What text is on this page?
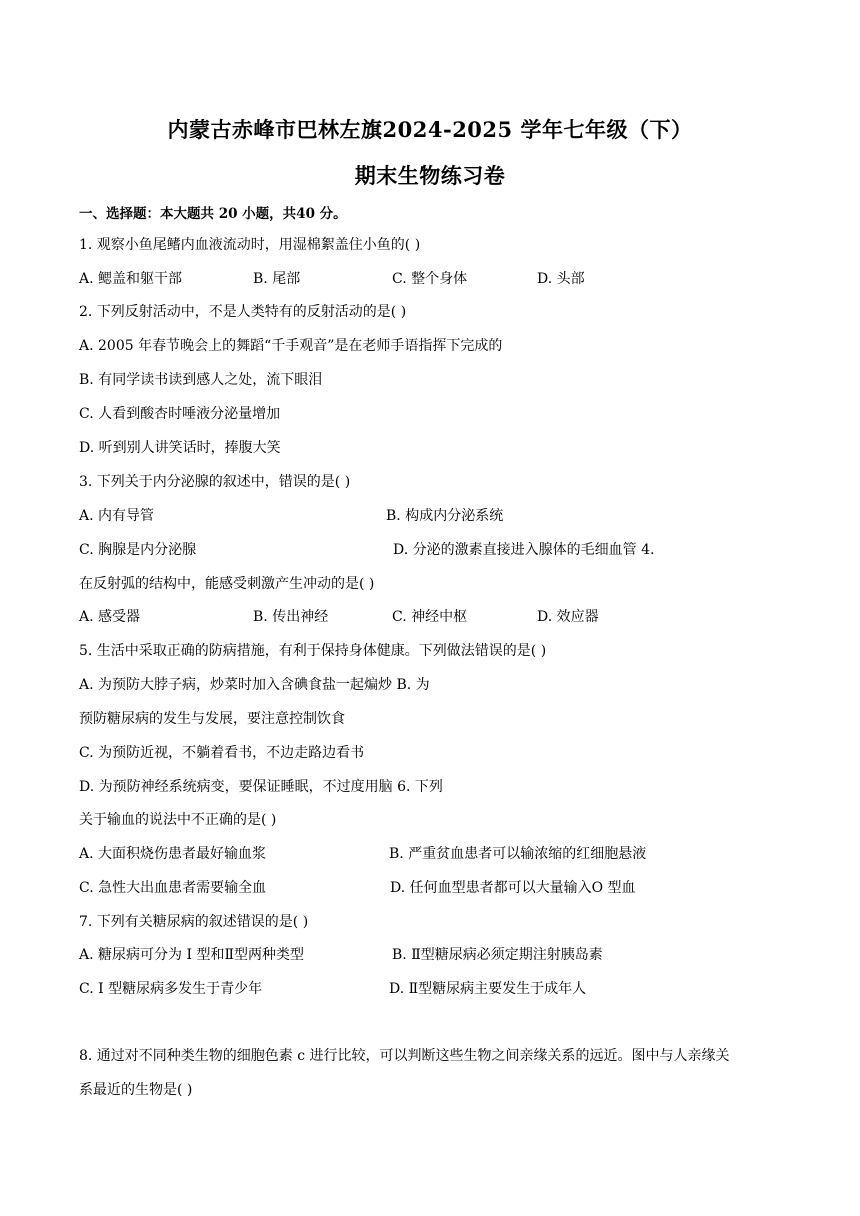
内蒙古赤峰市巴林左旗2024-2025 学年七年级（下）
期末生物练习卷
一、选择题：本大题共 20 小题，共40 分。
1. 观察小鱼尾鳍内血液流动时，用湿棉絮盖住小鱼的( )
A. 鳃盖和躯干部	B. 尾部	C. 整个身体	D. 头部
2. 下列反射活动中，不是人类特有的反射活动的是( )
A. 2005 年春节晚会上的舞蹈“千手观音”是在老师手语指挥下完成的
B. 有同学读书读到感人之处，流下眼泪
C. 人看到酸杏时唾液分泌量增加
D. 听到别人讲笑话时，捧腹大笑
3. 下列关于内分泌腺的叙述中，错误的是( )
A. 内有导管	B. 构成内分泌系统
C. 胸腺是内分泌腺	D. 分泌的激素直接进入腺体的毛细血管 4.
在反射弧的结构中，能感受刺激产生冲动的是( )
A. 感受器	B. 传出神经	C. 神经中枢	D. 效应器
5. 生活中采取正确的防病措施，有利于保持身体健康。下列做法错误的是( )
A. 为预防大脖子病，炒菜时加入含碘食盐一起煸炒 B. 为
预防糖尿病的发生与发展，要注意控制饮食
C. 为预防近视，不躺着看书，不边走路边看书
D. 为预防神经系统病变，要保证睡眠，不过度用脑 6. 下列
关于输血的说法中不正确的是( )
A. 大面积烧伤患者最好输血浆	B. 严重贫血患者可以输浓缩的红细胞悬液
C. 急性大出血患者需要输全血	D. 任何血型患者都可以大量输入O 型血
7. 下列有关糖尿病的叙述错误的是( )
A. 糖尿病可分为 I 型和Ⅱ型两种类型	B. Ⅱ型糖尿病必须定期注射胰岛素
C. I 型糖尿病多发生于青少年	D. Ⅱ型糖尿病主要发生于成年人
8. 通过对不同种类生物的细胞色素 c 进行比较，可以判断这些生物之间亲缘关系的远近。图中与人亲缘关
系最近的生物是( )
